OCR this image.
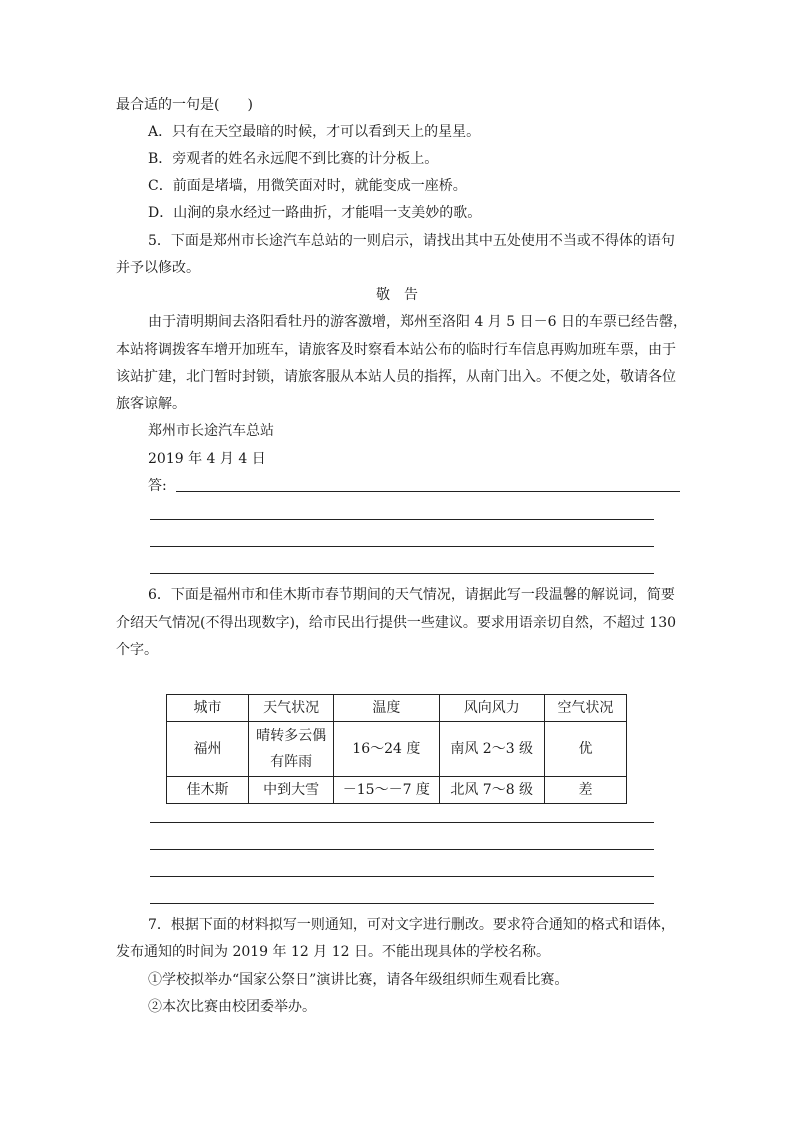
最合适的一句是(　　)
A．只有在天空最暗的时候，才可以看到天上的星星。
B．旁观者的姓名永远爬不到比赛的计分板上。
C．前面是堵墙，用微笑面对时，就能变成一座桥。
D．山涧的泉水经过一路曲折，才能唱一支美妙的歌。
5．下面是郑州市长途汽车总站的一则启示，请找出其中五处使用不当或不得体的语句
并予以修改。
敬　告
由于清明期间去洛阳看牡丹的游客激增，郑州至洛阳 4 月 5 日－6 日的车票已经告罄，
本站将调拨客车增开加班车，请旅客及时察看本站公布的临时行车信息再购加班车票，由于
该站扩建，北门暂时封锁，请旅客服从本站人员的指挥，从南门出入。不便之处，敬请各位
旅客谅解。
郑州市长途汽车总站
2019 年 4 月 4 日
答:
6．下面是福州市和佳木斯市春节期间的天气情况，请据此写一段温馨的解说词，简要
介绍天气情况(不得出现数字)，给市民出行提供一些建议。要求用语亲切自然，不超过 130
个字。
城市	天气状况	温度	风向风力	空气状况
福州	晴转多云偶
有阵雨	16～24 度	南风 2～3 级	优
佳木斯	中到大雪	－15～－7 度	北风 7～8 级	差
7．根据下面的材料拟写一则通知，可对文字进行删改。要求符合通知的格式和语体，
发布通知的时间为 2019 年 12 月 12 日。不能出现具体的学校名称。
①学校拟举办“国家公祭日”演讲比赛，请各年级组织师生观看比赛。
②本次比赛由校团委举办。
